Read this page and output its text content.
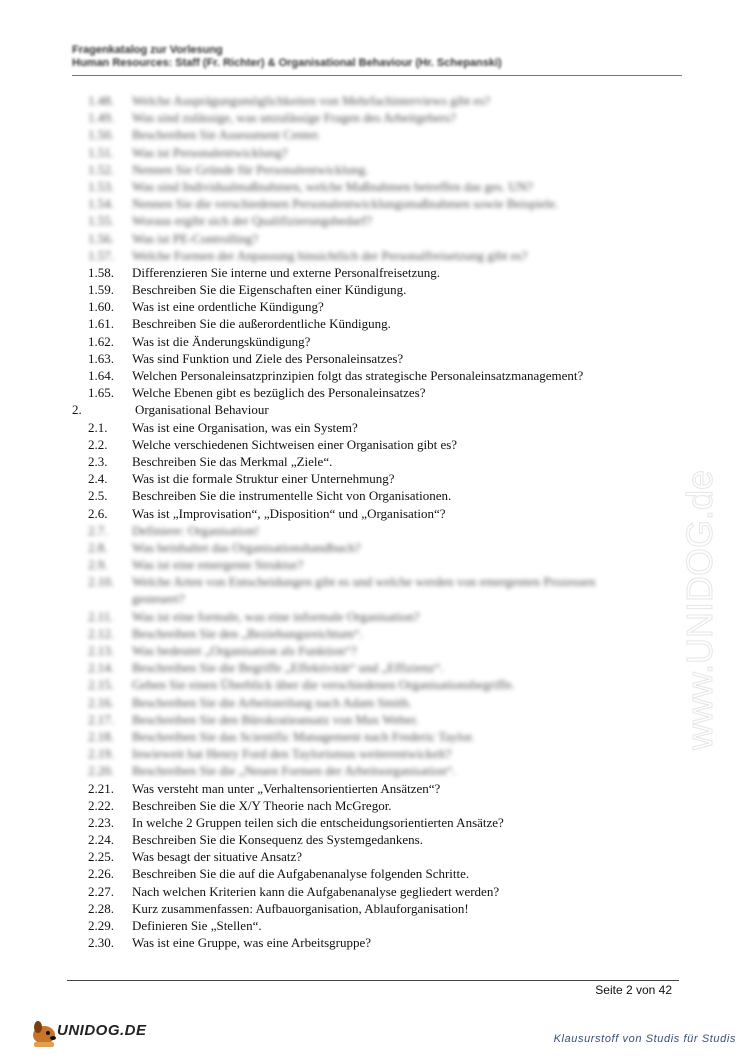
Fragenkatalog zur Vorlesung
Human Resources: Staff (Fr. Richter) & Organisational Behaviour (Hr. Schepanski)
1.48. Welche Ausprägungsmöglichkeiten von Mehrfachinterviews gibt es?
1.49. Was sind zulässige, was unzulässige Fragen des Arbeitgebers?
1.50. Beschreiben Sie Assessment Center.
1.51. Was ist Personalentwicklung?
1.52. Nennen Sie Gründe für Personalentwicklung.
1.53. Was sind Individualmaßnahmen, welche Maßnahmen betreffen das ges. UN?
1.54. Nennen Sie die verschiedenen Personalentwicklungsmaßnahmen sowie Beispiele.
1.55. Woraus ergibt sich der Qualifizierungsbedarf?
1.56. Was ist PE-Controlling?
1.57. Welche Formen der Anpassung hinsichtlich der Personalfreisetzung gibt es?
1.58. Differenzieren Sie interne und externe Personalfreisetzung.
1.59. Beschreiben Sie die Eigenschaften einer Kündigung.
1.60. Was ist eine ordentliche Kündigung?
1.61. Beschreiben Sie die außerordentliche Kündigung.
1.62. Was ist die Änderungskündigung?
1.63. Was sind Funktion und Ziele des Personaleinsatzes?
1.64. Welchen Personaleinsatzprinzipien folgt das strategische Personaleinsatzmanagement?
1.65. Welche Ebenen gibt es bezüglich des Personaleinsatzes?
2.	Organisational Behaviour
2.1. Was ist eine Organisation, was ein System?
2.2. Welche verschiedenen Sichtweisen einer Organisation gibt es?
2.3. Beschreiben Sie das Merkmal „Ziele“.
2.4. Was ist die formale Struktur einer Unternehmung?
2.5. Beschreiben Sie die instrumentelle Sicht von Organisationen.
2.6. Was ist „Improvisation“, „Disposition“ und „Organisation“?
2.7. Definiere: Organisation!
2.8. Was beinhaltet das Organisationshandbuch?
2.9. Was ist eine emergente Struktur?
2.10. Welche Arten von Entscheidungen gibt es und welche werden von emergenten Prozessen
gesteuert?
2.11. Was ist eine formale, was eine informale Organisation?
2.12. Beschreiben Sie den „Beziehungsreichtum“.
2.13. Was bedeutet „Organisation als Funktion“?
2.14. Beschreiben Sie die Begriffe „Effektivität“ und „Effizienz“.
2.15. Geben Sie einen Überblick über die verschiedenen Organisationsbegriffe.
2.16. Beschreiben Sie die Arbeitsteilung nach Adam Smith.
2.17. Beschreiben Sie den Bürokratieansatz von Max Weber.
2.18. Beschreiben Sie das Scientific Management nach Frederic Taylor.
2.19. Inwieweit hat Henry Ford den Taylorismus weiterentwickelt?
2.20. Beschreiben Sie die „Neuen Formen der Arbeitsorganisation“.
2.21. Was versteht man unter „Verhaltensorientierten Ansätzen“?
2.22. Beschreiben Sie die X/Y Theorie nach McGregor.
2.23. In welche 2 Gruppen teilen sich die entscheidungsorientierten Ansätze?
2.24. Beschreiben Sie die Konsequenz des Systemgedankens.
2.25. Was besagt der situative Ansatz?
2.26. Beschreiben Sie die auf die Aufgabenanalyse folgenden Schritte.
2.27. Nach welchen Kriterien kann die Aufgabenanalyse gegliedert werden?
2.28. Kurz zusammenfassen: Aufbauorganisation, Ablauforganisation!
2.29. Definieren Sie „Stellen“.
2.30. Was ist eine Gruppe, was eine Arbeitsgruppe?
www.UNIDOG.de
Seite 2 von 42
UNIDOG.DE	Klausurstoff von Studis für Studis
